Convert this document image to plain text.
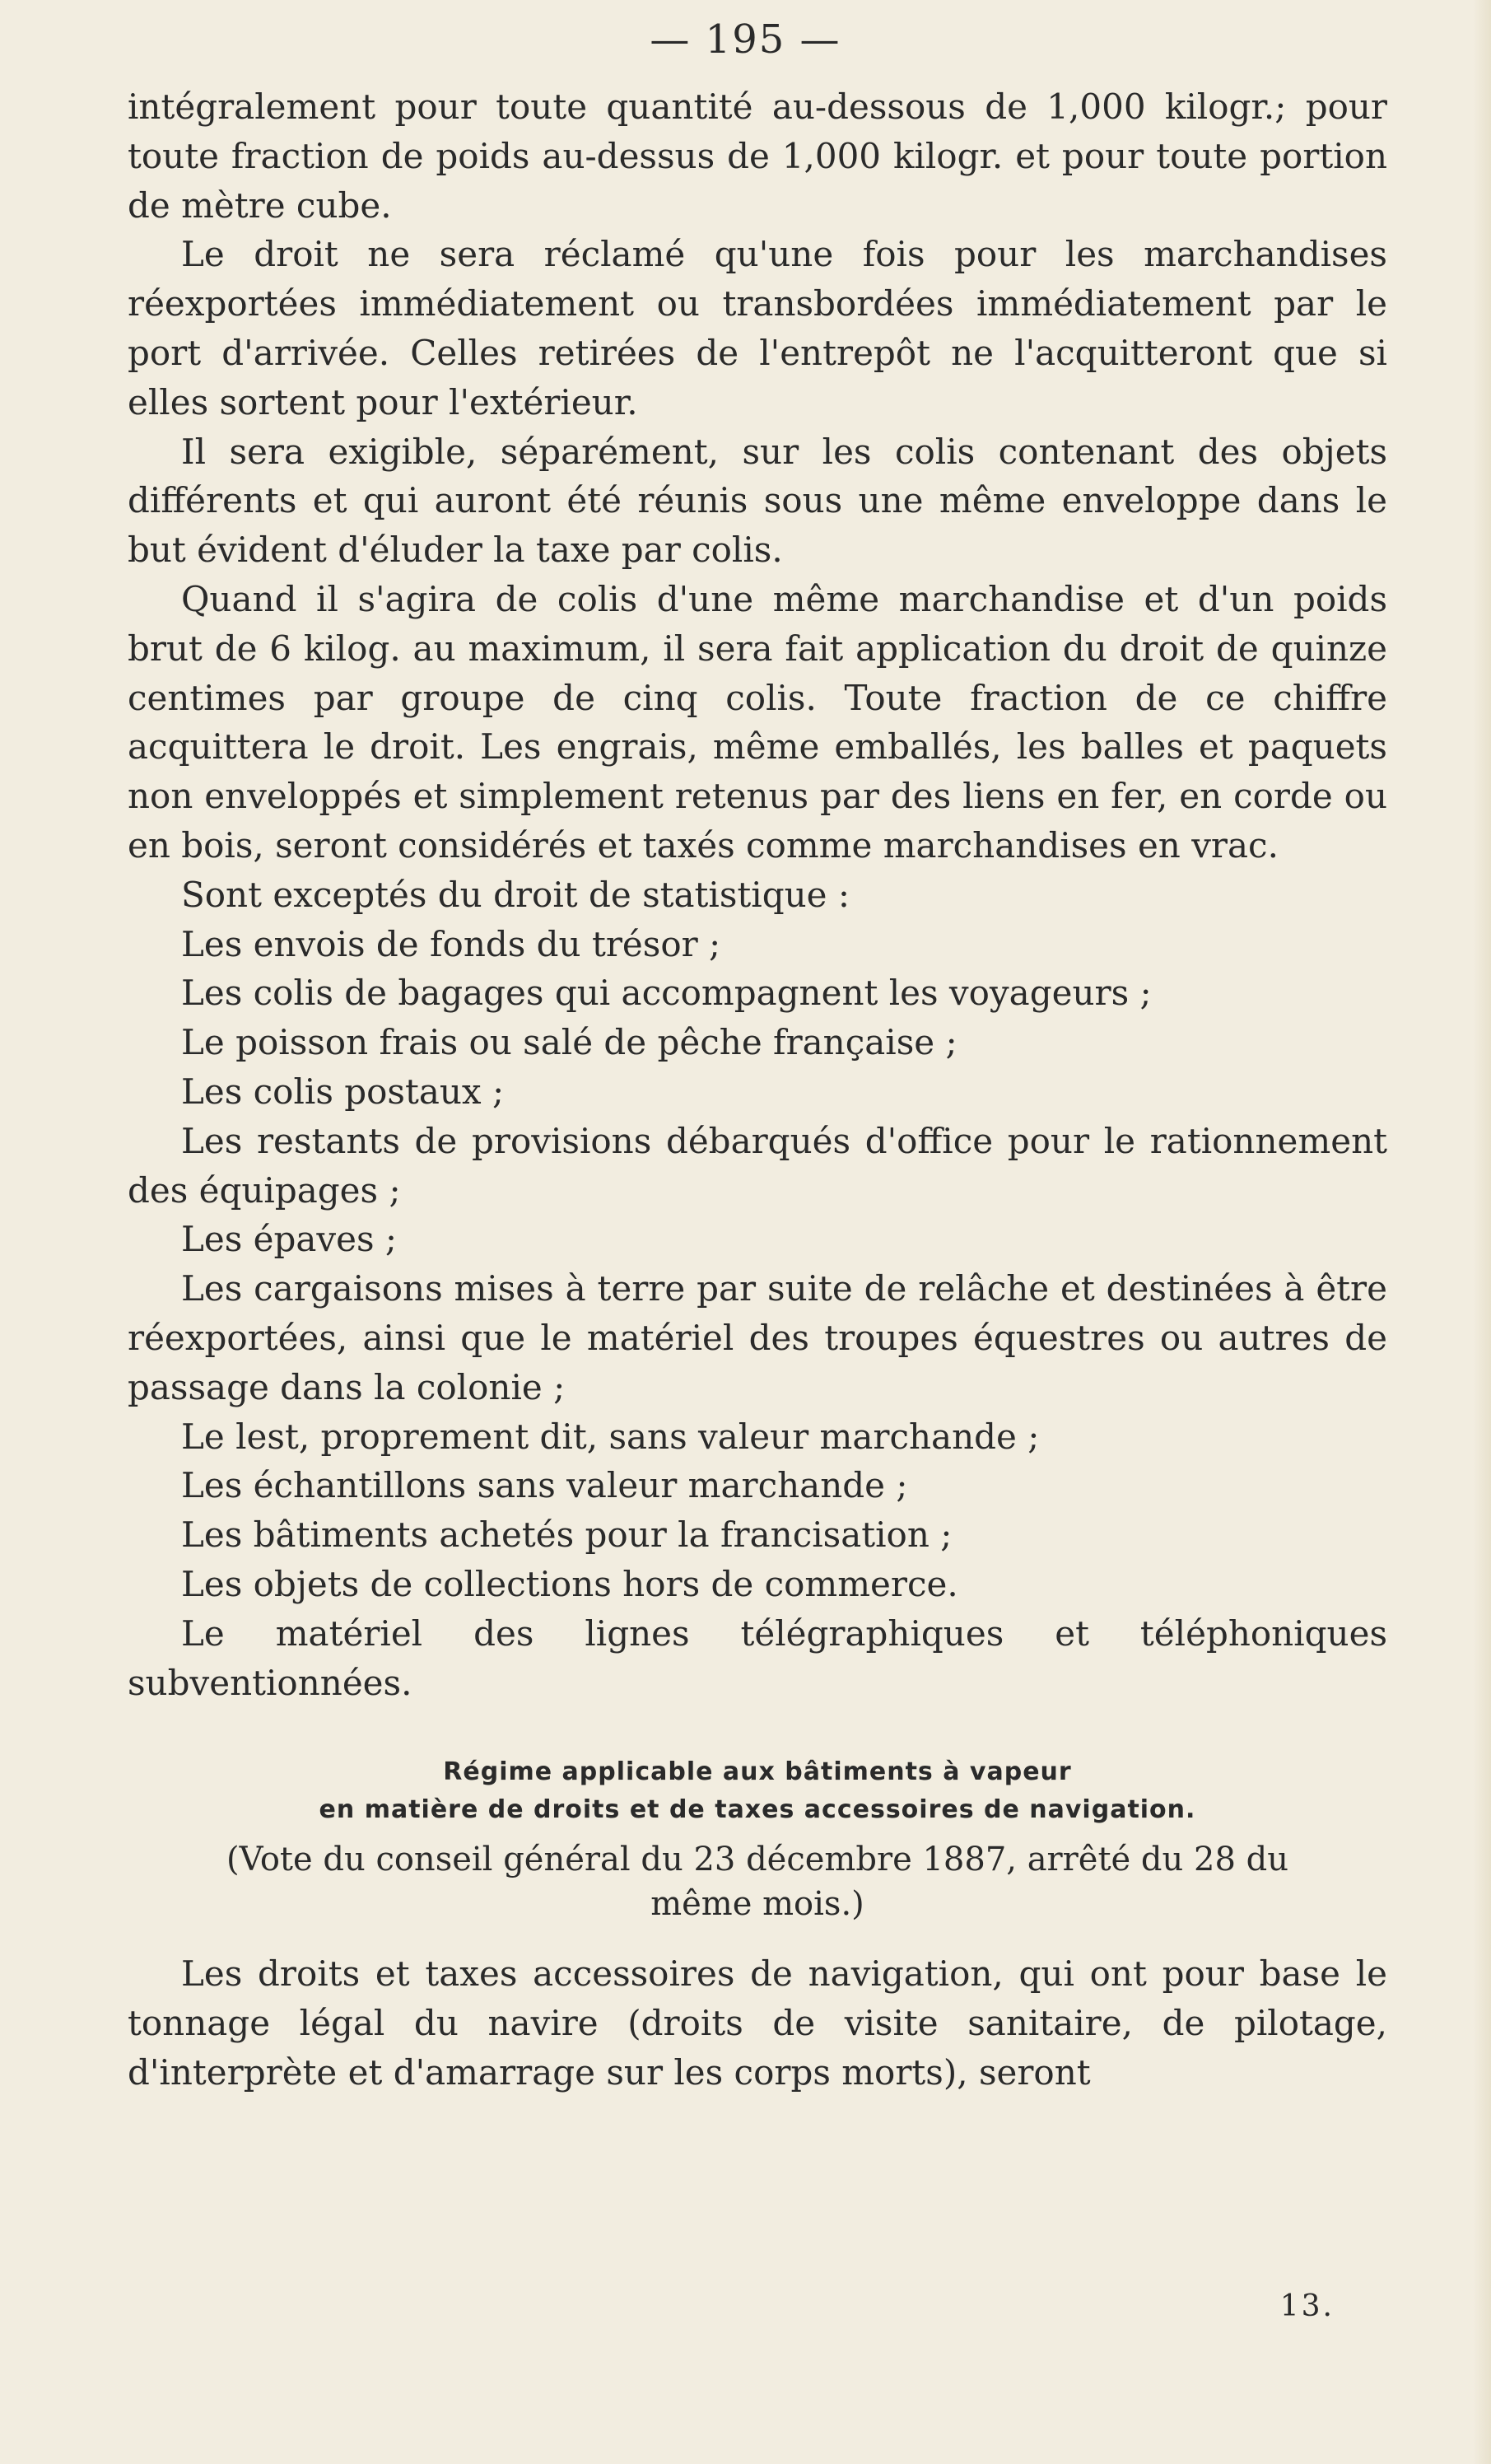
— 195 —

intégralement pour toute quantité au-dessous de 1,000 kilogr.; pour toute fraction de poids au-dessus de 1,000 kilogr. et pour toute portion de mètre cube.

Le droit ne sera réclamé qu'une fois pour les marchandises réexportées immédiatement ou transbordées immédiatement par le port d'arrivée. Celles retirées de l'entrepôt ne l'acquitteront que si elles sortent pour l'extérieur.

Il sera exigible, séparément, sur les colis contenant des objets différents et qui auront été réunis sous une même enveloppe dans le but évident d'éluder la taxe par colis.

Quand il s'agira de colis d'une même marchandise et d'un poids brut de 6 kilog. au maximum, il sera fait application du droit de quinze centimes par groupe de cinq colis. Toute fraction de ce chiffre acquittera le droit. Les engrais, même emballés, les balles et paquets non enveloppés et simplement retenus par des liens en fer, en corde ou en bois, seront considérés et taxés comme marchandises en vrac.

Sont exceptés du droit de statistique :

Les envois de fonds du trésor ;

Les colis de bagages qui accompagnent les voyageurs ;

Le poisson frais ou salé de pêche française ;

Les colis postaux ;

Les restants de provisions débarqués d'office pour le rationnement des équipages ;

Les épaves ;

Les cargaisons mises à terre par suite de relâche et destinées à être réexportées, ainsi que le matériel des troupes équestres ou autres de passage dans la colonie ;

Le lest, proprement dit, sans valeur marchande ;

Les échantillons sans valeur marchande ;

Les bâtiments achetés pour la francisation ;

Les objets de collections hors de commerce.

Le matériel des lignes télégraphiques et téléphoniques subventionnées.

Régime applicable aux bâtiments à vapeur
en matière de droits et de taxes accessoires de navigation.

(Vote du conseil général du 23 décembre 1887, arrêté du 28 du même mois.)

Les droits et taxes accessoires de navigation, qui ont pour base le tonnage légal du navire (droits de visite sanitaire, de pilotage, d'interprète et d'amarrage sur les corps morts), seront

13.
